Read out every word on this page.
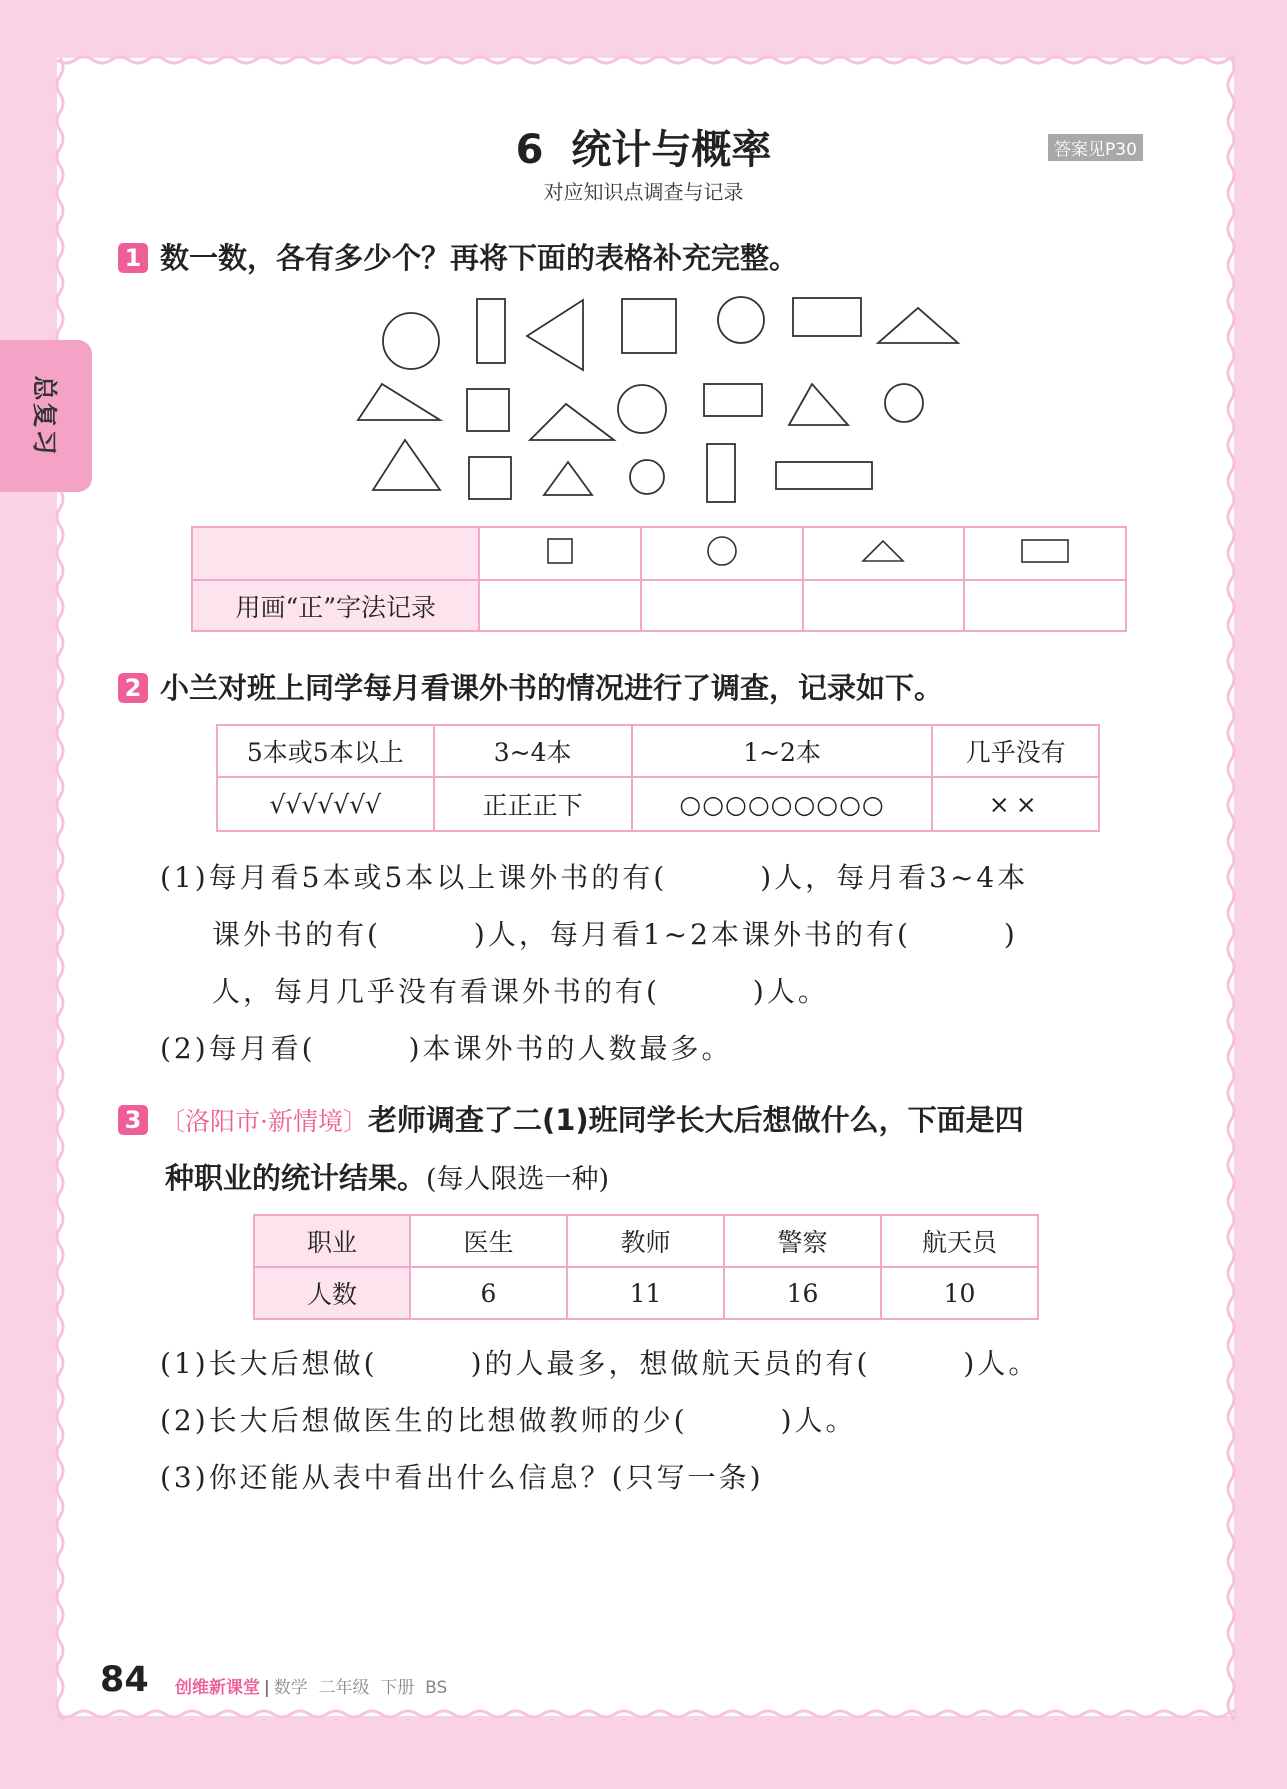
总复习
6  统计与概率
对应知识点调查与记录
答案见P30
1 数一数，各有多少个？再将下面的表格补充完整。

用画“正”字法记录				
2 小兰对班上同学每月看课外书的情况进行了调查，记录如下。
5本或5本以上	3~4本	1~2本	几乎没有
√√√√√√√	正正正下	○○○○○○○○○	××
(1)每月看5本或5本以上课外书的有(　　　)人，每月看3~4本
课外书的有(　　　)人，每月看1~2本课外书的有(　　　)
人，每月几乎没有看课外书的有(　　　)人。
(2)每月看(　　　)本课外书的人数最多。
3 〔洛阳市·新情境〕老师调查了二(1)班同学长大后想做什么，下面是四
种职业的统计结果。(每人限选一种)
职业	医生	教师	警察	航天员
人数	6	11	16	10
(1)长大后想做(　　　)的人最多，想做航天员的有(　　　)人。
(2)长大后想做医生的比想做教师的少(　　　)人。
(3)你还能从表中看出什么信息？(只写一条)
84 创维新课堂 | 数学 二年级 下册 BS
